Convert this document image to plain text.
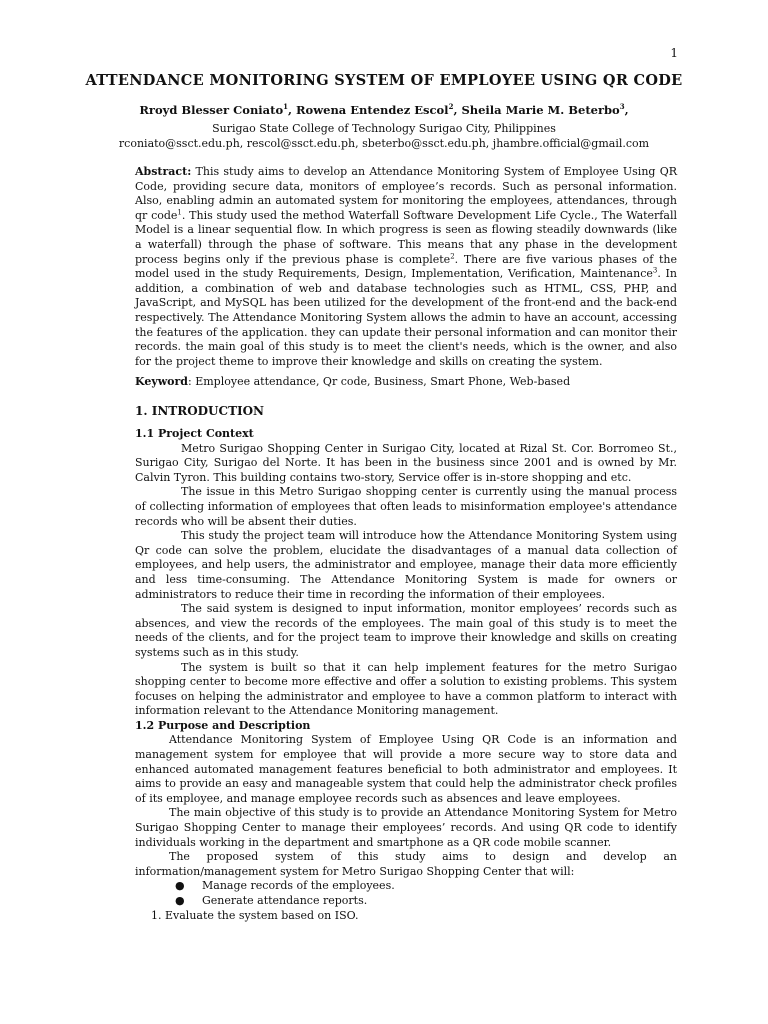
1
ATTENDANCE MONITORING SYSTEM OF EMPLOYEE USING QR CODE
Rroyd Blesser Coniato$^1$, Rowena Entendez Escol$^2$, Sheila Marie M. Beterbo$^3$,
Surigao State College of Technology Surigao City, Philippines
rconiato@ssct.edu.ph, rescol@ssct.edu.ph, sbeterbo@ssct.edu.ph, jhambre.official@gmail.com
Abstract: This study aims to develop an Attendance Monitoring System of Employee Using QR Code, providing secure data, monitors of employee’s records. Such as personal information. Also, enabling admin an automated system for monitoring the employees, attendances, through qr code$^1$. This study used the method Waterfall Software Development Life Cycle., The Waterfall Model is a linear sequential flow. In which progress is seen as flowing steadily downwards (like a waterfall) through the phase of software. This means that any phase in the development process begins only if the previous phase is complete$^2$. There are five various phases of the model used in the study Requirements, Design, Implementation, Verification, Maintenance$^3$. In addition, a combination of web and database technologies such as HTML, CSS, PHP, and JavaScript, and MySQL has been utilized for the development of the front-end and the back-end respectively. The Attendance Monitoring System allows the admin to have an account, accessing the features of the application. they can update their personal information and can monitor their records. the main goal of this study is to meet the client's needs, which is the owner, and also for the project theme to improve their knowledge and skills on creating the system.
Keyword: Employee attendance, Qr code, Business, Smart Phone, Web-based
1. INTRODUCTION
1.1 Project Context

Metro Surigao Shopping Center in Surigao City, located at Rizal St. Cor. Borromeo St., Surigao City, Surigao del Norte. It has been in the business since 2001 and is owned by Mr. Calvin Tyron. This building contains two-story, Service offer is in-store shopping and etc.

The issue in this Metro Surigao shopping center is currently using the manual process of collecting information of employees that often leads to misinformation employee's attendance records who will be absent their duties.

This study the project team will introduce how the Attendance Monitoring System using Qr code can solve the problem, elucidate the disadvantages of a manual data collection of employees, and help users, the administrator and employee, manage their data more efficiently and less time-consuming. The Attendance Monitoring System is made for owners or administrators to reduce their time in recording the information of their employees.

The said system is designed to input information, monitor employees’ records such as absences, and view the records of the employees. The main goal of this study is to meet the needs of the clients, and for the project team to improve their knowledge and skills on creating systems such as in this study.

The system is built so that it can help implement features for the metro Surigao shopping center to become more effective and offer a solution to existing problems. This system focuses on helping the administrator and employee to have a common platform to interact with information relevant to the Attendance Monitoring management.

1.2 Purpose and Description

Attendance Monitoring System of Employee Using QR Code is an information and management system for employee that will provide a more secure way to store data and enhanced automated management features beneficial to both administrator and employees. It aims to provide an easy and manageable system that could help the administrator check profiles of its employee, and manage employee records such as absences and leave employees.

The main objective of this study is to provide an Attendance Monitoring System for Metro Surigao Shopping Center to manage their employees’ records. And using QR code to identify individuals working in the department and smartphone as a QR code mobile scanner.

The proposed system of this study aims to design and develop an information/management system for Metro Surigao Shopping Center that will:

● Manage records of the employees.
● Generate attendance reports.
1. Evaluate the system based on ISO.
